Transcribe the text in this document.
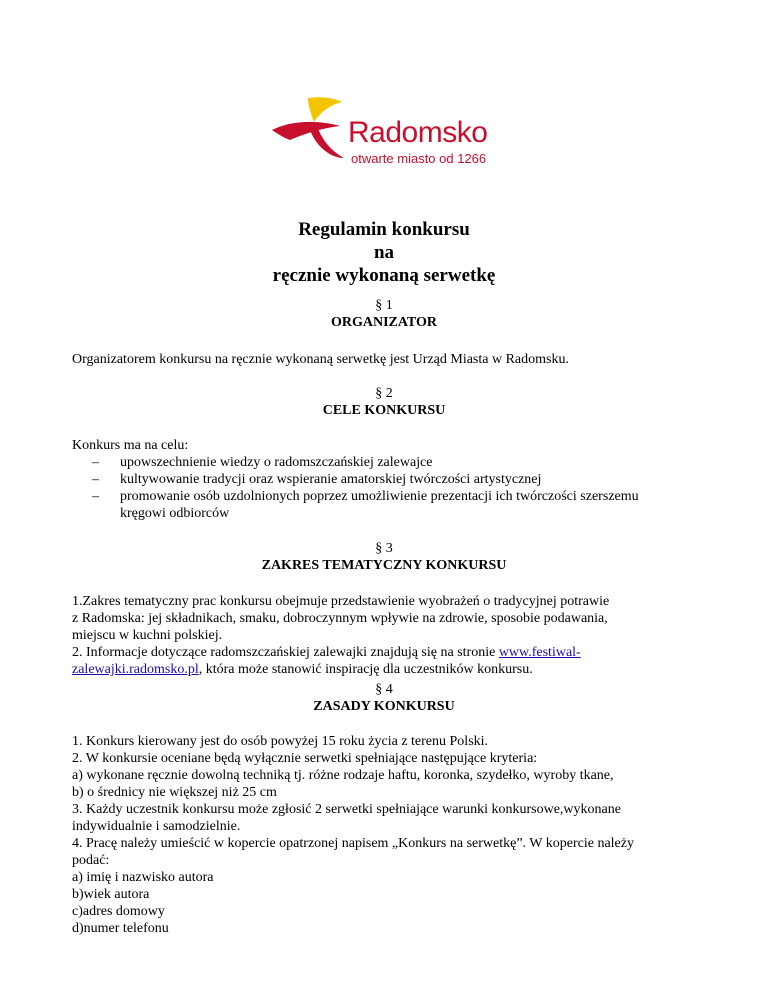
Radomsko
otwarte miasto od 1266
Regulamin konkursu
na
ręcznie wykonaną serwetkę
§ 1
ORGANIZATOR
Organizatorem konkursu na ręcznie wykonaną serwetkę jest Urząd Miasta w Radomsku.
§ 2
CELE KONKURSU
Konkurs ma na celu:
– upowszechnienie wiedzy o radomszczańskiej zalewajce
– kultywowanie tradycji oraz wspieranie amatorskiej twórczości artystycznej
– promowanie osób uzdolnionych poprzez umożliwienie prezentacji ich twórczości szerszemu
kręgowi odbiorców
§ 3
ZAKRES TEMATYCZNY KONKURSU
1.Zakres tematyczny prac konkursu obejmuje przedstawienie wyobrażeń o tradycyjnej potrawie
z Radomska: jej składnikach, smaku, dobroczynnym wpływie na zdrowie, sposobie podawania,
miejscu w kuchni polskiej.
2. Informacje dotyczące radomszczańskiej zalewajki znajdują się na stronie www.festiwal-
zalewajki.radomsko.pl, która może stanowić inspirację dla uczestników konkursu.
§ 4
ZASADY KONKURSU
1. Konkurs kierowany jest do osób powyżej 15 roku życia z terenu Polski.
2. W konkursie oceniane będą wyłącznie serwetki spełniające następujące kryteria:
a) wykonane ręcznie dowolną techniką tj. różne rodzaje haftu, koronka, szydełko, wyroby tkane,
b) o średnicy nie większej niż 25 cm
3. Każdy uczestnik konkursu może zgłosić 2 serwetki spełniające warunki konkursowe,wykonane
indywidualnie i samodzielnie.
4. Pracę należy umieścić w kopercie opatrzonej napisem „Konkurs na serwetkę”. W kopercie należy
podać:
a) imię i nazwisko autora
b)wiek autora
c)adres domowy
d)numer telefonu
